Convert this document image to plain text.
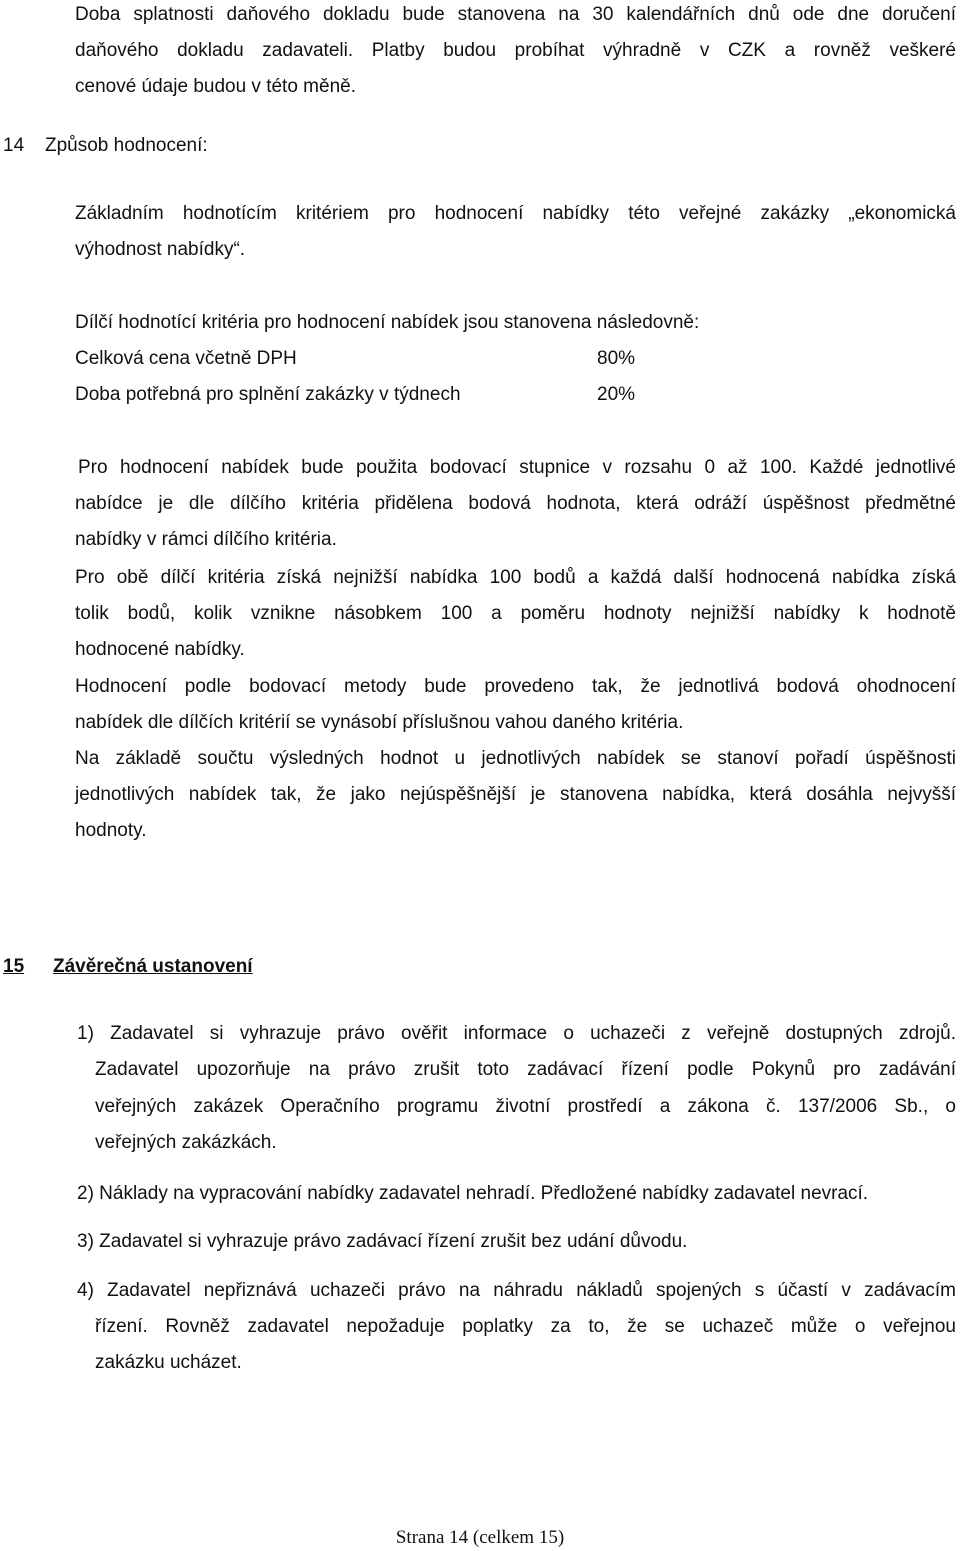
Doba splatnosti daňového dokladu bude stanovena na 30 kalendářních dnů ode dne doručení
daňového dokladu zadavateli. Platby budou probíhat výhradně v CZK a rovněž veškeré
cenové údaje budou v této měně.
14 Způsob hodnocení:
Základním hodnotícím kritériem pro hodnocení nabídky této veřejné zakázky „ekonomická
výhodnost nabídky“.
Dílčí hodnotící kritéria pro hodnocení nabídek jsou stanovena následovně:
Celková cena včetně DPH	80%
Doba potřebná pro splnění zakázky v týdnech	20%
Pro hodnocení nabídek bude použita bodovací stupnice v rozsahu 0 až 100. Každé jednotlivé
nabídce je dle dílčího kritéria přidělena bodová hodnota, která odráží úspěšnost předmětné
nabídky v rámci dílčího kritéria.
Pro obě dílčí kritéria získá nejnižší nabídka 100 bodů a každá další hodnocená nabídka získá
tolik bodů, kolik vznikne násobkem 100 a poměru hodnoty nejnižší nabídky k hodnotě
hodnocené nabídky.
Hodnocení podle bodovací metody bude provedeno tak, že jednotlivá bodová ohodnocení
nabídek dle dílčích kritérií se vynásobí příslušnou vahou daného kritéria.
Na základě součtu výsledných hodnot u jednotlivých nabídek se stanoví pořadí úspěšnosti
jednotlivých nabídek tak, že jako nejúspěšnější je stanovena nabídka, která dosáhla nejvyšší
hodnoty.
15 Závěrečná ustanovení
1) Zadavatel si vyhrazuje právo ověřit informace o uchazeči z veřejně dostupných zdrojů.
Zadavatel upozorňuje na právo zrušit toto zadávací řízení podle Pokynů pro zadávání
veřejných zakázek Operačního programu životní prostředí a zákona č. 137/2006 Sb., o
veřejných zakázkách.
2) Náklady na vypracování nabídky zadavatel nehradí. Předložené nabídky zadavatel nevrací.
3) Zadavatel si vyhrazuje právo zadávací řízení zrušit bez udání důvodu.
4) Zadavatel nepřiznává uchazeči právo na náhradu nákladů spojených s účastí v zadávacím
řízení. Rovněž zadavatel nepožaduje poplatky za to, že se uchazeč může o veřejnou
zakázku ucházet.
Strana 14 (celkem 15)
